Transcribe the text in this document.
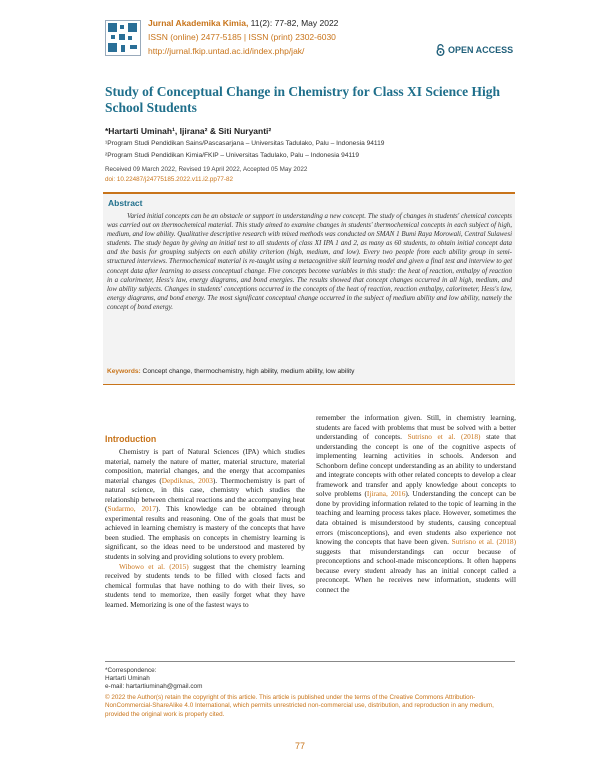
Jurnal Akademika Kimia, 11(2): 77-82, May 2022
ISSN (online) 2477-5185 | ISSN (print) 2302-6030
http://jurnal.fkip.untad.ac.id/index.php/jak/	OPEN ACCESS
Study of Conceptual Change in Chemistry for Class XI Science High School Students
*Hartarti Uminah¹, Ijirana² & Siti Nuryanti²
¹Program Studi Pendidikan Sains/Pascasarjana – Universitas Tadulako, Palu – Indonesia 94119
²Program Studi Pendidikan Kimia/FKIP – Universitas Tadulako, Palu – Indonesia 94119
Received 09 March 2022, Revised 19 April 2022, Accepted 05 May 2022
doi: 10.22487/j24775185.2022.v11.i2.pp77-82
Abstract

Varied initial concepts can be an obstacle or support in understanding a new concept. The study of changes in students' chemical concepts was carried out on thermochemical material. This study aimed to examine changes in students' thermochemical concepts in each subject of high, medium, and low ability. Qualitative descriptive research with mixed methods was conducted on SMAN 1 Bumi Raya Morowali, Central Sulawesi students. The study began by giving an initial test to all students of class XI IPA 1 and 2, as many as 60 students, to obtain initial concept data and the basis for grouping subjects on each ability criterion (high, medium, and low). Every two people from each ability group in semi-structured interviews. Thermochemical material is re-taught using a metacognitive skill learning model and given a final test and interview to get concept data after learning to assess conceptual change. Five concepts become variables in this study: the heat of reaction, enthalpy of reaction in a calorimeter, Hess's law, energy diagrams, and bond energies. The results showed that concept changes occurred in all high, medium, and low ability subjects. Changes in students' conceptions occurred in the concepts of the heat of reaction, reaction enthalpy, calorimeter, Hess's law, energy diagrams, and bond energy. The most significant conceptual change occurred in the subject of medium ability and low ability, namely the concept of bond energy.

Keywords: Concept change, thermochemistry, high ability, medium ability, low ability
Introduction

Chemistry is part of Natural Sciences (IPA) which studies material, namely the nature of matter, material structure, material composition, material changes, and the energy that accompanies material changes (Depdiknas, 2003). Thermochemistry is part of natural science, in this case, chemistry which studies the relationship between chemical reactions and the accompanying heat (Sudarmo, 2017). This knowledge can be obtained through experimental results and reasoning. One of the goals that must be achieved in learning chemistry is mastery of the concepts that have been studied. The emphasis on concepts in chemistry learning is significant, so the ideas need to be understood and mastered by students in solving and providing solutions to every problem.

Wibowo et al. (2015) suggest that the chemistry learning received by students tends to be filled with closed facts and chemical formulas that have nothing to do with their lives, so students tend to memorize, then easily forget what they have learned. Memorizing is one of the fastest ways to

remember the information given. Still, in chemistry learning, students are faced with problems that must be solved with a better understanding of concepts. Sutrisno et al. (2018) state that understanding the concept is one of the cognitive aspects of implementing learning activities in schools. Anderson and Schonborn define concept understanding as an ability to understand and integrate concepts with other related concepts to develop a clear framework and transfer and apply knowledge about concepts to solve problems (Ijirana, 2016). Understanding the concept can be done by providing information related to the topic of learning in the teaching and learning process takes place. However, sometimes the data obtained is misunderstood by students, causing conceptual errors (misconceptions), and even students also experience not knowing the concepts that have been given. Sutrisno et al. (2018) suggests that misunderstandings can occur because of preconceptions and school-made misconceptions. It often happens because every student already has an initial concept called a preconcept. When he receives new information, students will connect the

*Correspondence:
Hartarti Uminah
e-mail: hartartiuminah@gmail.com

© 2022 the Author(s) retain the copyright of this article. This article is published under the terms of the Creative Commons Attribution-NonCommercial-ShareAlike 4.0 International, which permits unrestricted non-commercial use, distribution, and reproduction in any medium, provided the original work is properly cited.

77
